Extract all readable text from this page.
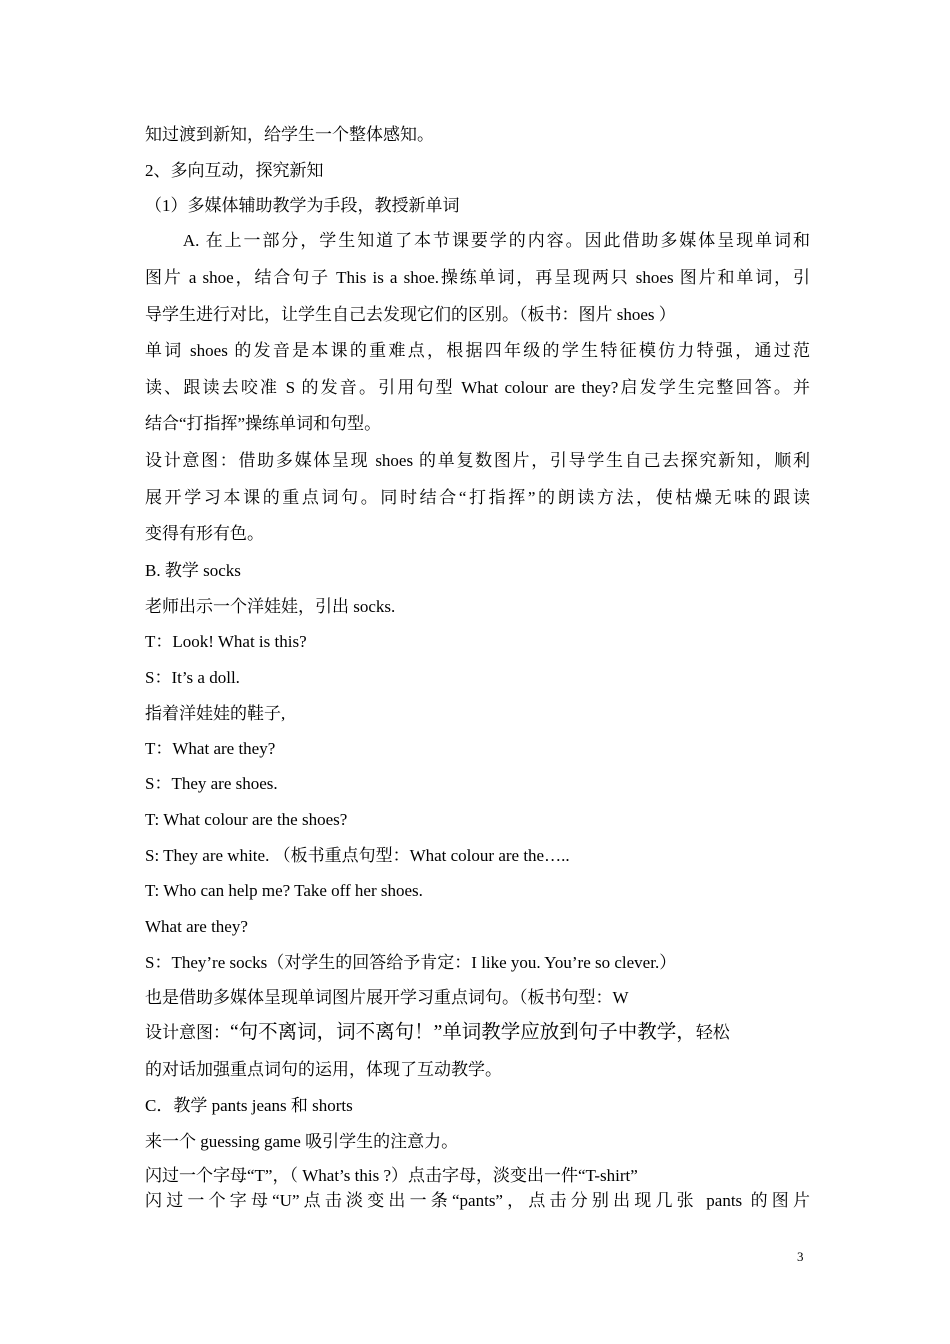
知过渡到新知，给学生一个整体感知。
2、多向互动，探究新知
（1）多媒体辅助教学为手段，教授新单词
　　A. 在上一部分，学生知道了本节课要学的内容。因此借助多媒体呈现单词和
图片 a shoe，结合句子 This is a shoe.操练单词，再呈现两只 shoes 图片和单词，引
导学生进行对比，让学生自己去发现它们的区别。（板书：图片 shoes ）
单词 shoes 的发音是本课的重难点，根据四年级的学生特征模仿力特强，通过范
读、跟读去咬准 S 的发音。引用句型 What colour are they?启发学生完整回答。并
结合“打指挥”操练单词和句型。
设计意图：借助多媒体呈现 shoes 的单复数图片，引导学生自己去探究新知，顺利
展开学习本课的重点词句。同时结合“打指挥”的朗读方法，使枯燥无味的跟读
变得有形有色。
B. 教学 socks
老师出示一个洋娃娃，引出 socks.
T：Look! What is this?
S：It’s a doll.
指着洋娃娃的鞋子,
T：What are they?
S：They are shoes.
T: What colour are the shoes?
S: They are white. （板书重点句型：What colour are the…..
T: Who can help me? Take off her shoes.
What are they?
S：They’re socks（对学生的回答给予肯定：I like you. You’re so clever.）
也是借助多媒体呈现单词图片展开学习重点词句。（板书句型：W
设计意图：“句不离词，词不离句！”单词教学应放到句子中教学，轻松
的对话加强重点词句的运用，体现了互动教学。
C．教学 pants jeans 和 shorts
来一个 guessing game 吸引学生的注意力。
闪过一个字母“T”，（ What’s this ?）点击字母，淡变出一件“T-shirt”
闪过一个字母“U”点击淡变出一条“pants”，点击分别出现几张 pants 的图片
3
